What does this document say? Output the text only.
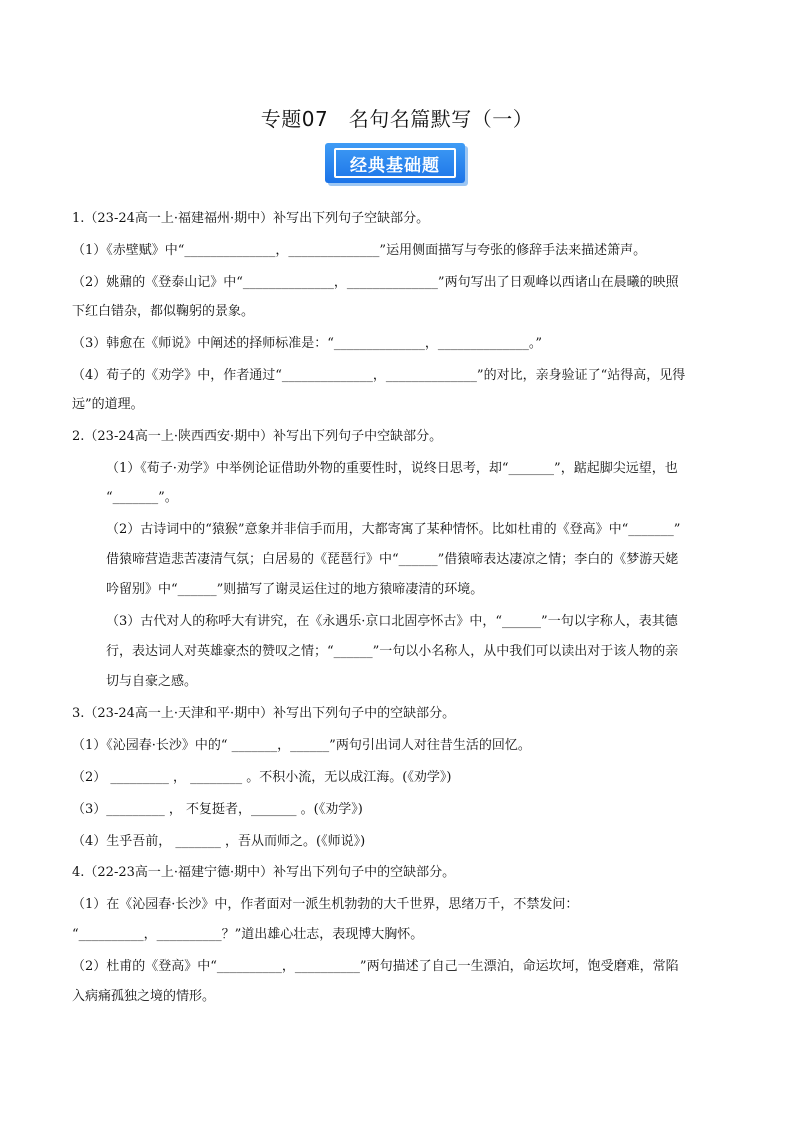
专题07　名句名篇默写（一）
经典基础题
1.（23-24高一上·福建福州·期中）补写出下列句子空缺部分。
（1）《赤壁赋》中“______________，______________”运用侧面描写与夸张的修辞手法来描述箫声。
（2）姚鼐的《登泰山记》中“______________，______________”两句写出了日观峰以西诸山在晨曦的映照
下红白错杂，都似鞠躬的景象。
（3）韩愈在《师说》中阐述的择师标准是：“______________，______________。”
（4）荀子的《劝学》中，作者通过“______________，______________”的对比，亲身验证了“站得高，见得
远”的道理。
2.（23-24高一上·陕西西安·期中）补写出下列句子中空缺部分。
（1）《荀子·劝学》中举例论证借助外物的重要性时，说终日思考，却“_______”，踮起脚尖远望，也
“_______”。
（2）古诗词中的“猿猴”意象并非信手而用，大都寄寓了某种情怀。比如杜甫的《登高》中“_______”
借猿啼营造悲苦凄清气氛；白居易的《琵琶行》中“______”借猿啼表达凄凉之情；李白的《梦游天姥
吟留别》中“______”则描写了谢灵运住过的地方猿啼凄清的环境。
（3）古代对人的称呼大有讲究，在《永遇乐·京口北固亭怀古》中，“______”一句以字称人，表其德
行，表达词人对英雄豪杰的赞叹之情；“______”一句以小名称人，从中我们可以读出对于该人物的亲
切与自豪之感。
3.（23-24高一上·天津和平·期中）补写出下列句子中的空缺部分。
（1）《沁园春·长沙》中的“ _______，______”两句引出词人对往昔生活的回忆。
（2） _________ ， ________ 。不积小流，无以成江海。(《劝学》)
（3）_________ ， 不复挺者，_______ 。(《劝学》)
（4）生乎吾前， _______ ，吾从而师之。(《师说》)
4.（22-23高一上·福建宁德·期中）补写出下列句子中的空缺部分。
（1）在《沁园春·长沙》中，作者面对一派生机勃勃的大千世界，思绪万千，不禁发问：
“__________，__________？”道出雄心壮志，表现博大胸怀。
（2）杜甫的《登高》中“__________，__________”两句描述了自己一生漂泊，命运坎坷，饱受磨难，常陷
入病痛孤独之境的情形。
